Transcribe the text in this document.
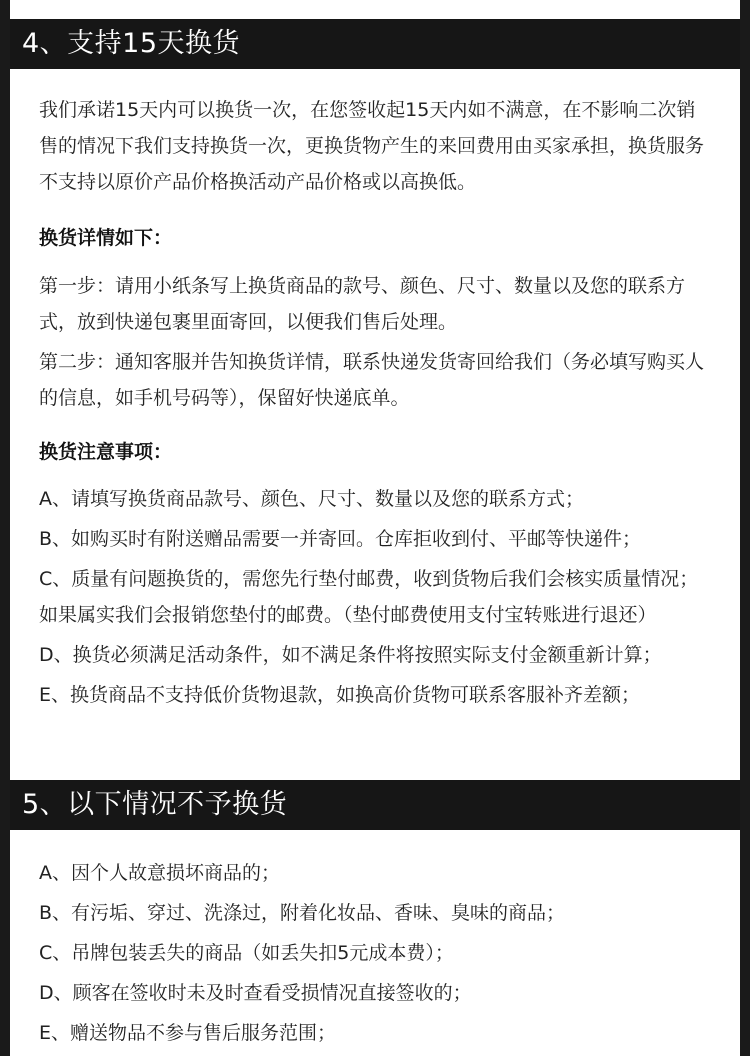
4、支持15天换货

我们承诺15天内可以换货一次，在您签收起15天内如不满意，在不影响二次销售的情况下我们支持换货一次，更换货物产生的来回费用由买家承担，换货服务不支持以原价产品价格换活动产品价格或以高换低。

换货详情如下：

第一步：请用小纸条写上换货商品的款号、颜色、尺寸、数量以及您的联系方式，放到快递包裹里面寄回，以便我们售后处理。

第二步：通知客服并告知换货详情，联系快递发货寄回给我们（务必填写购买人的信息，如手机号码等），保留好快递底单。

换货注意事项：

A、请填写换货商品款号、颜色、尺寸、数量以及您的联系方式；

B、如购买时有附送赠品需要一并寄回。仓库拒收到付、平邮等快递件；

C、质量有问题换货的，需您先行垫付邮费，收到货物后我们会核实质量情况；如果属实我们会报销您垫付的邮费。（垫付邮费使用支付宝转账进行退还）

D、换货必须满足活动条件，如不满足条件将按照实际支付金额重新计算；

E、换货商品不支持低价货物退款，如换高价货物可联系客服补齐差额；

5、以下情况不予换货

A、因个人故意损坏商品的；

B、有污垢、穿过、洗涤过，附着化妆品、香味、臭味的商品；

C、吊牌包装丢失的商品（如丢失扣5元成本费）；

D、顾客在签收时未及时查看受损情况直接签收的；

E、赠送物品不参与售后服务范围；
